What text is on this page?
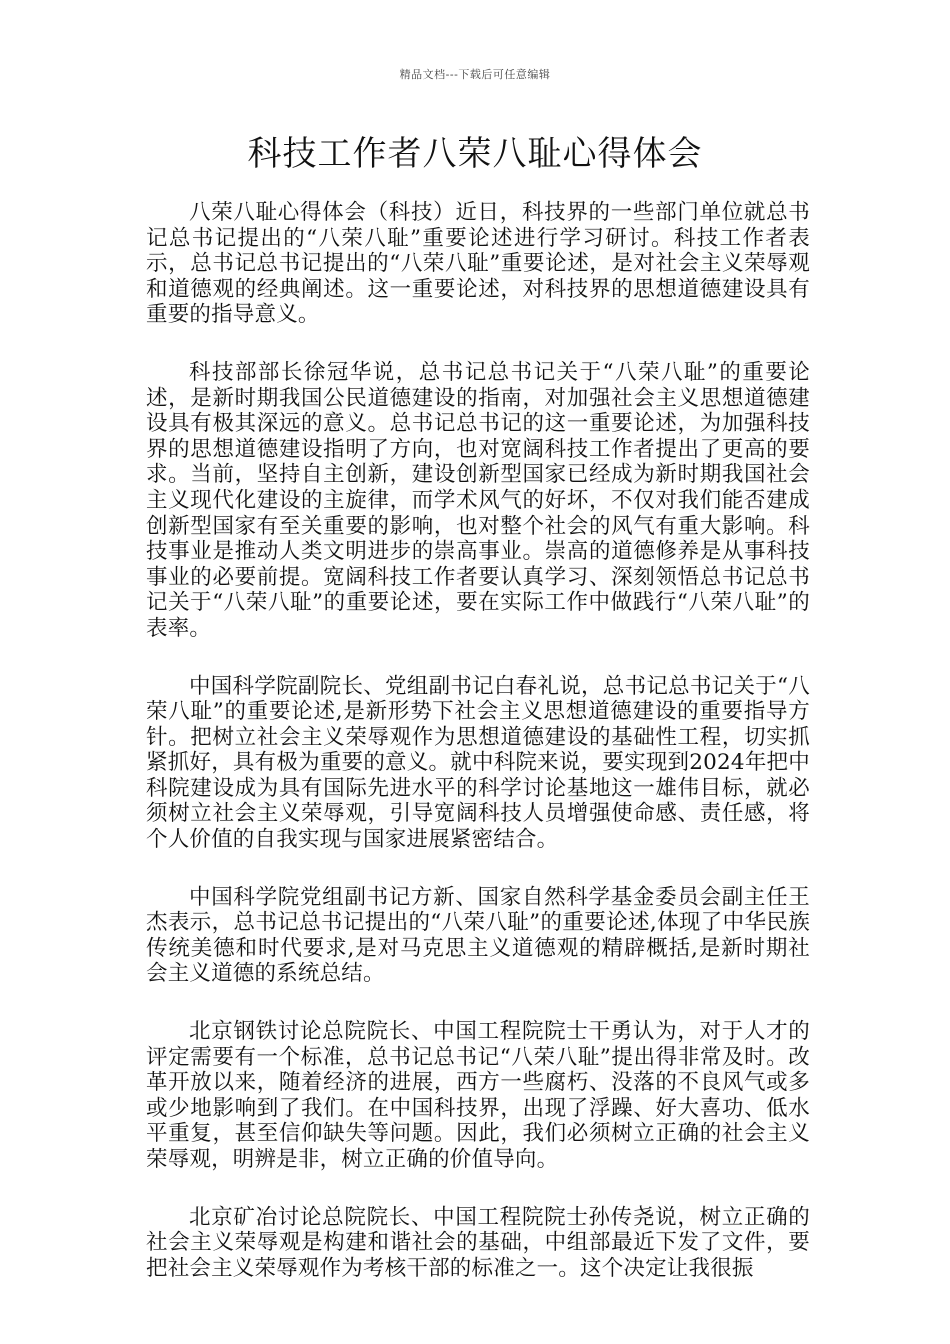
精品文档---下载后可任意编辑
科技工作者八荣八耻心得体会

八荣八耻心得体会（科技）近日，科技界的一些部门单位就总书记总书记提出的“八荣八耻”重要论述进行学习研讨。科技工作者表示，总书记总书记提出的“八荣八耻”重要论述，是对社会主义荣辱观和道德观的经典阐述。这一重要论述，对科技界的思想道德建设具有重要的指导意义。

科技部部长徐冠华说，总书记总书记关于“八荣八耻”的重要论述，是新时期我国公民道德建设的指南，对加强社会主义思想道德建设具有极其深远的意义。总书记总书记的这一重要论述，为加强科技界的思想道德建设指明了方向，也对宽阔科技工作者提出了更高的要求。当前，坚持自主创新，建设创新型国家已经成为新时期我国社会主义现代化建设的主旋律，而学术风气的好坏，不仅对我们能否建成创新型国家有至关重要的影响，也对整个社会的风气有重大影响。科技事业是推动人类文明进步的崇高事业。崇高的道德修养是从事科技事业的必要前提。宽阔科技工作者要认真学习、深刻领悟总书记总书记关于“八荣八耻”的重要论述，要在实际工作中做践行“八荣八耻”的表率。

中国科学院副院长、党组副书记白春礼说，总书记总书记关于“八荣八耻”的重要论述,是新形势下社会主义思想道德建设的重要指导方针。把树立社会主义荣辱观作为思想道德建设的基础性工程，切实抓紧抓好，具有极为重要的意义。就中科院来说，要实现到2024年把中科院建设成为具有国际先进水平的科学讨论基地这一雄伟目标，就必须树立社会主义荣辱观，引导宽阔科技人员增强使命感、责任感，将个人价值的自我实现与国家进展紧密结合。

中国科学院党组副书记方新、国家自然科学基金委员会副主任王杰表示，总书记总书记提出的“八荣八耻”的重要论述,体现了中华民族传统美德和时代要求,是对马克思主义道德观的精辟概括,是新时期社会主义道德的系统总结。

北京钢铁讨论总院院长、中国工程院院士干勇认为，对于人才的评定需要有一个标准，总书记总书记“八荣八耻”提出得非常及时。改革开放以来，随着经济的进展，西方一些腐朽、没落的不良风气或多或少地影响到了我们。在中国科技界，出现了浮躁、好大喜功、低水平重复，甚至信仰缺失等问题。因此，我们必须树立正确的社会主义荣辱观，明辨是非，树立正确的价值导向。

北京矿冶讨论总院院长、中国工程院院士孙传尧说，树立正确的社会主义荣辱观是构建和谐社会的基础，中组部最近下发了文件，要把社会主义荣辱观作为考核干部的标准之一。这个决定让我很振
